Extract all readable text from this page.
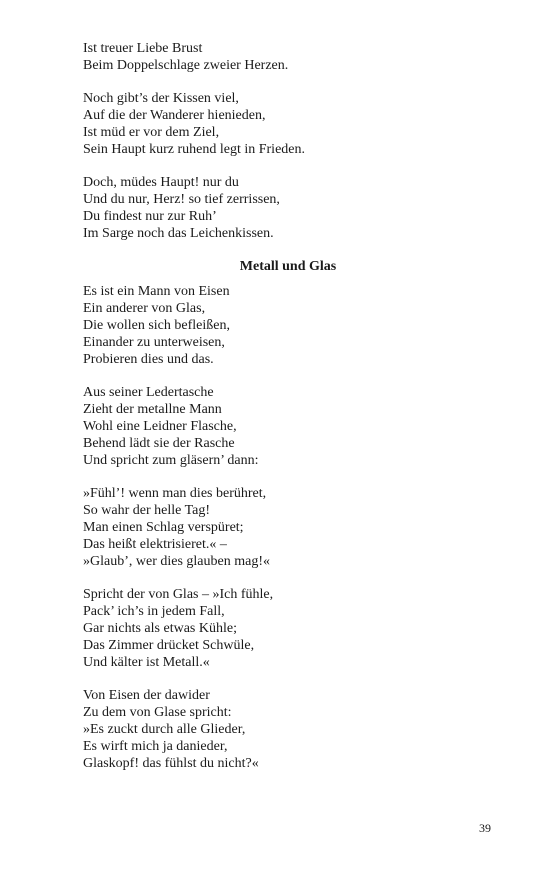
Ist treuer Liebe Brust
Beim Doppelschlage zweier Herzen.
Noch gibt’s der Kissen viel,
Auf die der Wanderer hienieden,
Ist müd er vor dem Ziel,
Sein Haupt kurz ruhend legt in Frieden.
Doch, müdes Haupt! nur du
Und du nur, Herz! so tief zerrissen,
Du findest nur zur Ruh’
Im Sarge noch das Leichenkissen.
Metall und Glas
Es ist ein Mann von Eisen
Ein anderer von Glas,
Die wollen sich befleißen,
Einander zu unterweisen,
Probieren dies und das.
Aus seiner Ledertasche
Zieht der metallne Mann
Wohl eine Leidner Flasche,
Behend lädt sie der Rasche
Und spricht zum gläsern’ dann:
»Fühl’! wenn man dies berühret,
So wahr der helle Tag!
Man einen Schlag verspüret;
Das heißt elektrisieret.« –
»Glaub’, wer dies glauben mag!«
Spricht der von Glas – »Ich fühle,
Pack’ ich’s in jedem Fall,
Gar nichts als etwas Kühle;
Das Zimmer drücket Schwüle,
Und kälter ist Metall.«
Von Eisen der dawider
Zu dem von Glase spricht:
»Es zuckt durch alle Glieder,
Es wirft mich ja danieder,
Glaskopf! das fühlst du nicht?«
39
